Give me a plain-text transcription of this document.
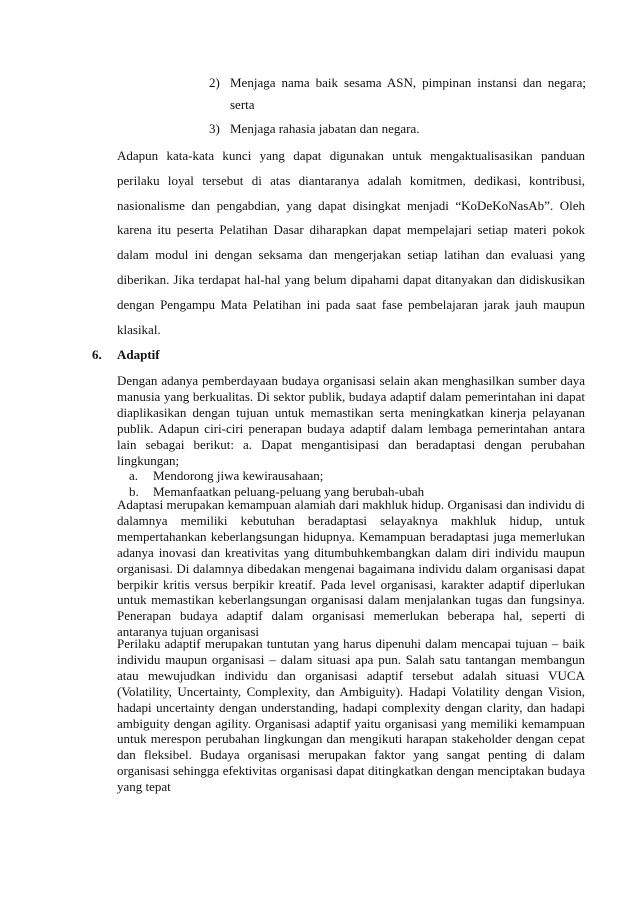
2) Menjaga nama baik sesama ASN, pimpinan instansi dan negara; serta
3) Menjaga rahasia jabatan dan negara.

Adapun kata-kata kunci yang dapat digunakan untuk mengaktualisasikan panduan perilaku loyal tersebut di atas diantaranya adalah komitmen, dedikasi, kontribusi, nasionalisme dan pengabdian, yang dapat disingkat menjadi “KoDeKoNasAb”. Oleh karena itu peserta Pelatihan Dasar diharapkan dapat mempelajari setiap materi pokok dalam modul ini dengan seksama dan mengerjakan setiap latihan dan evaluasi yang diberikan. Jika terdapat hal-hal yang belum dipahami dapat ditanyakan dan didiskusikan dengan Pengampu Mata Pelatihan ini pada saat fase pembelajaran jarak jauh maupun klasikal.

6. Adaptif
Dengan adanya pemberdayaan budaya organisasi selain akan menghasilkan sumber daya manusia yang berkualitas. Di sektor publik, budaya adaptif dalam pemerintahan ini dapat diaplikasikan dengan tujuan untuk memastikan serta meningkatkan kinerja pelayanan publik. Adapun ciri-ciri penerapan budaya adaptif dalam lembaga pemerintahan antara lain sebagai berikut: a. Dapat mengantisipasi dan beradaptasi dengan perubahan lingkungan;
a. Mendorong jiwa kewirausahaan;
b. Memanfaatkan peluang-peluang yang berubah-ubah

Adaptasi merupakan kemampuan alamiah dari makhluk hidup. Organisasi dan individu di dalamnya memiliki kebutuhan beradaptasi selayaknya makhluk hidup, untuk mempertahankan keberlangsungan hidupnya. Kemampuan beradaptasi juga memerlukan adanya inovasi dan kreativitas yang ditumbuhkembangkan dalam diri individu maupun organisasi. Di dalamnya dibedakan mengenai bagaimana individu dalam organisasi dapat berpikir kritis versus berpikir kreatif. Pada level organisasi, karakter adaptif diperlukan untuk memastikan keberlangsungan organisasi dalam menjalankan tugas dan fungsinya. Penerapan budaya adaptif dalam organisasi memerlukan beberapa hal, seperti di antaranya tujuan organisasi

Perilaku adaptif merupakan tuntutan yang harus dipenuhi dalam mencapai tujuan – baik individu maupun organisasi – dalam situasi apa pun. Salah satu tantangan membangun atau mewujudkan individu dan organisasi adaptif tersebut adalah situasi VUCA (Volatility, Uncertainty, Complexity, dan Ambiguity). Hadapi Volatility dengan Vision, hadapi uncertainty dengan understanding, hadapi complexity dengan clarity, dan hadapi ambiguity dengan agility. Organisasi adaptif yaitu organisasi yang memiliki kemampuan untuk merespon perubahan lingkungan dan mengikuti harapan stakeholder dengan cepat dan fleksibel. Budaya organisasi merupakan faktor yang sangat penting di dalam organisasi sehingga efektivitas organisasi dapat ditingkatkan dengan menciptakan budaya yang tepat
